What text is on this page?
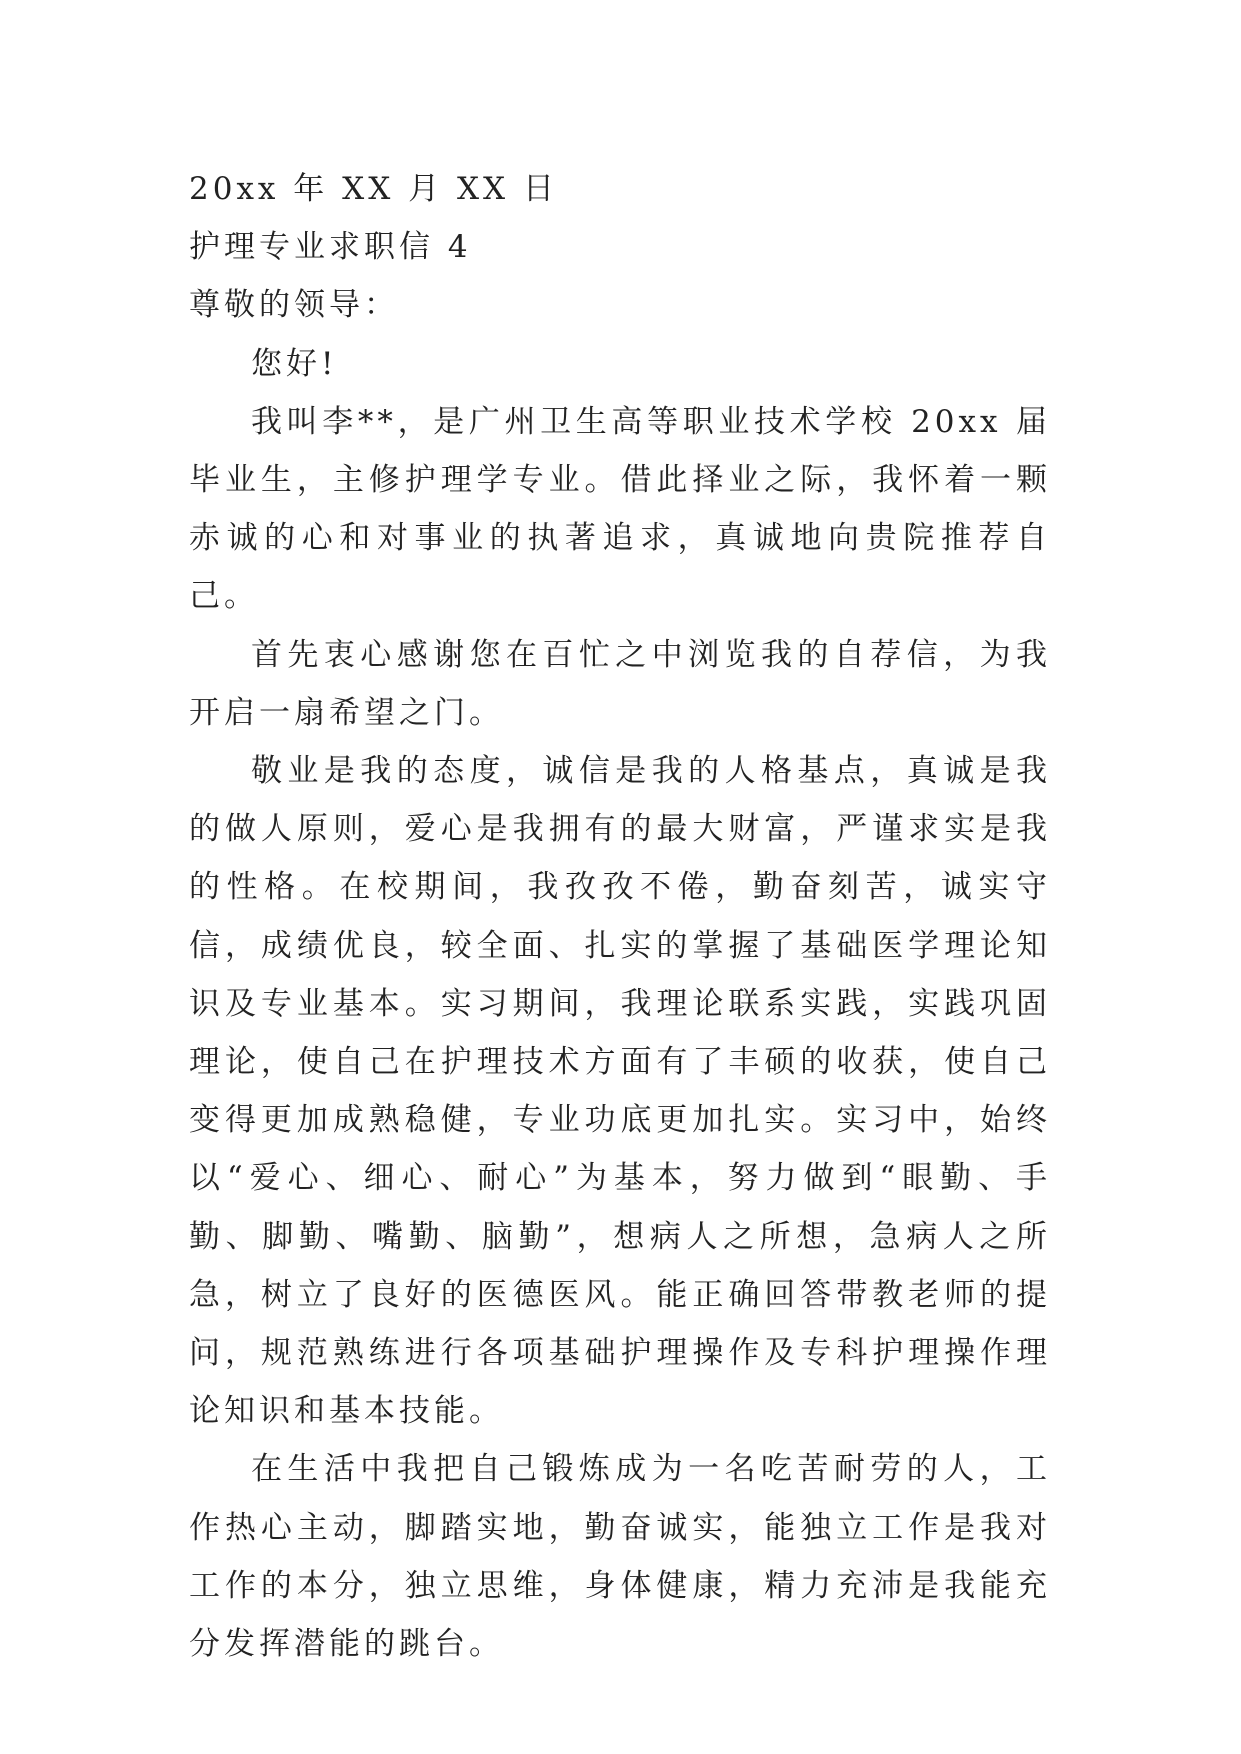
20xx 年 XX 月 XX 日
护理专业求职信 4
尊敬的领导：

您好!

我叫李**，是广州卫生高等职业技术学校 20xx 届毕业生，主修护理学专业。借此择业之际，我怀着一颗赤诚的心和对事业的执著追求，真诚地向贵院推荐自己。

首先衷心感谢您在百忙之中浏览我的自荐信，为我开启一扇希望之门。

敬业是我的态度，诚信是我的人格基点，真诚是我的做人原则，爱心是我拥有的最大财富，严谨求实是我的性格。在校期间，我孜孜不倦，勤奋刻苦，诚实守信，成绩优良，较全面、扎实的掌握了基础医学理论知识及专业基本。实习期间，我理论联系实践，实践巩固理论，使自己在护理技术方面有了丰硕的收获，使自己变得更加成熟稳健，专业功底更加扎实。实习中，始终以“爱心、细心、耐心”为基本，努力做到“眼勤、手勤、脚勤、嘴勤、脑勤”，想病人之所想，急病人之所急，树立了良好的医德医风。能正确回答带教老师的提问，规范熟练进行各项基础护理操作及专科护理操作理论知识和基本技能。

在生活中我把自己锻炼成为一名吃苦耐劳的人，工作热心主动，脚踏实地，勤奋诚实，能独立工作是我对工作的本分，独立思维，身体健康，精力充沛是我能充分发挥潜能的跳台。
